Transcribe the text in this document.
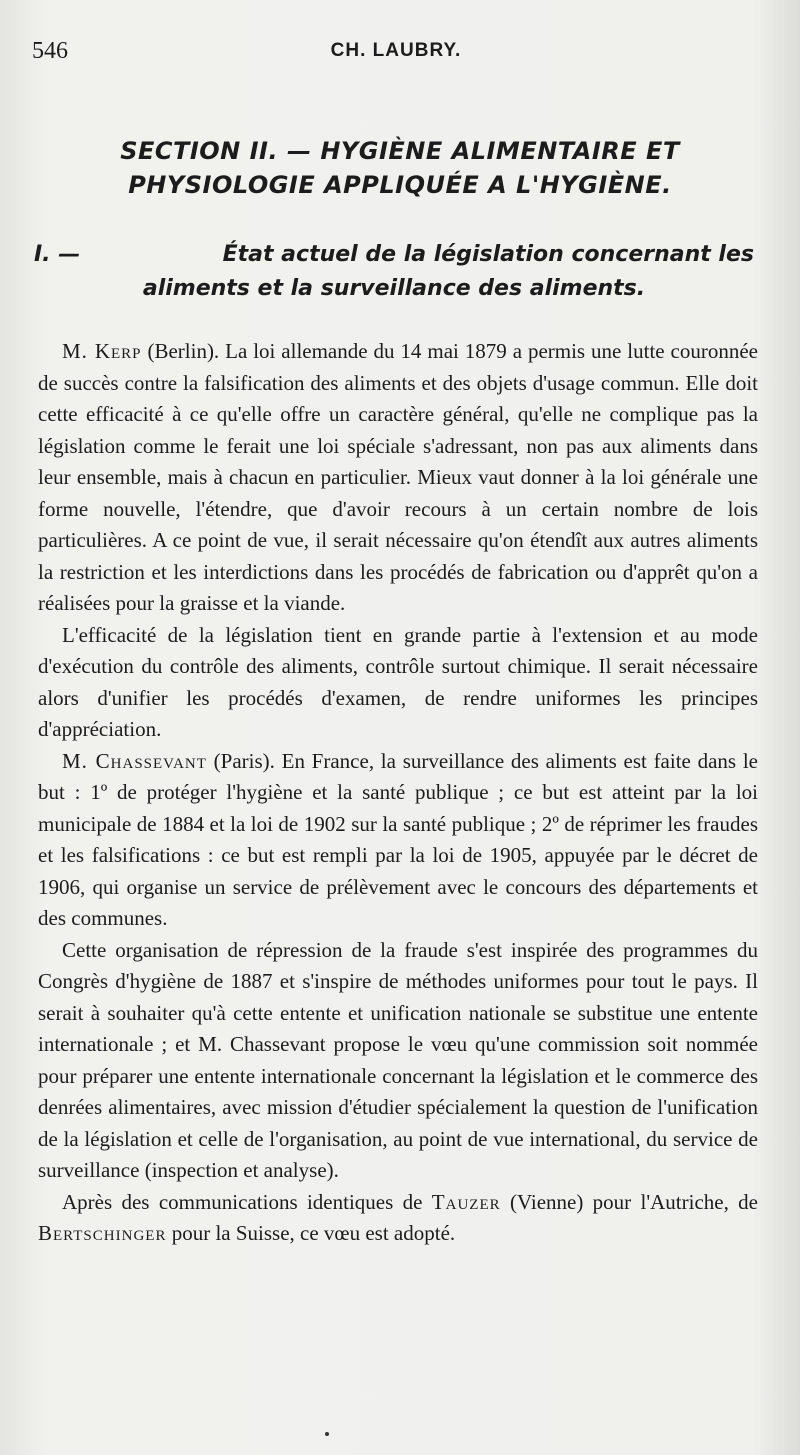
546	CH. LAUBRY.
SECTION II. — HYGIÈNE ALIMENTAIRE ET PHYSIOLOGIE APPLIQUÉE A L'HYGIÈNE.
I. —	État actuel de la législation concernant les
aliments et la surveillance des aliments.

M. Kerp (Berlin). La loi allemande du 14 mai 1879 a permis une lutte couronnée de succès contre la falsification des aliments et des objets d'usage commun. Elle doit cette efficacité à ce qu'elle offre un caractère général, qu'elle ne complique pas la législation comme le ferait une loi spéciale s'adressant, non pas aux aliments dans leur ensemble, mais à chacun en particulier. Mieux vaut donner à la loi générale une forme nouvelle, l'étendre, que d'avoir recours à un certain nombre de lois particulières. A ce point de vue, il serait nécessaire qu'on étendît aux autres aliments la restriction et les interdictions dans les procédés de fabrication ou d'apprêt qu'on a réalisées pour la graisse et la viande.

L'efficacité de la législation tient en grande partie à l'extension et au mode d'exécution du contrôle des aliments, contrôle surtout chimique. Il serait nécessaire alors d'unifier les procédés d'examen, de rendre uniformes les principes d'appréciation.

M. Chassevant (Paris). En France, la surveillance des aliments est faite dans le but : 1º de protéger l'hygiène et la santé publique ; ce but est atteint par la loi municipale de 1884 et la loi de 1902 sur la santé publique ; 2º de réprimer les fraudes et les falsifications : ce but est rempli par la loi de 1905, appuyée par le décret de 1906, qui organise un service de prélèvement avec le concours des départements et des communes.

Cette organisation de répression de la fraude s'est inspirée des programmes du Congrès d'hygiène de 1887 et s'inspire de méthodes uniformes pour tout le pays. Il serait à souhaiter qu'à cette entente et unification nationale se substitue une entente internationale ; et M. Chassevant propose le vœu qu'une commission soit nommée pour préparer une entente internationale concernant la législation et le commerce des denrées alimentaires, avec mission d'étudier spécialement la question de l'unification de la législation et celle de l'organisation, au point de vue international, du service de surveillance (inspection et analyse).

Après des communications identiques de Tauzer (Vienne) pour l'Autriche, de Bertschinger pour la Suisse, ce vœu est adopté.
